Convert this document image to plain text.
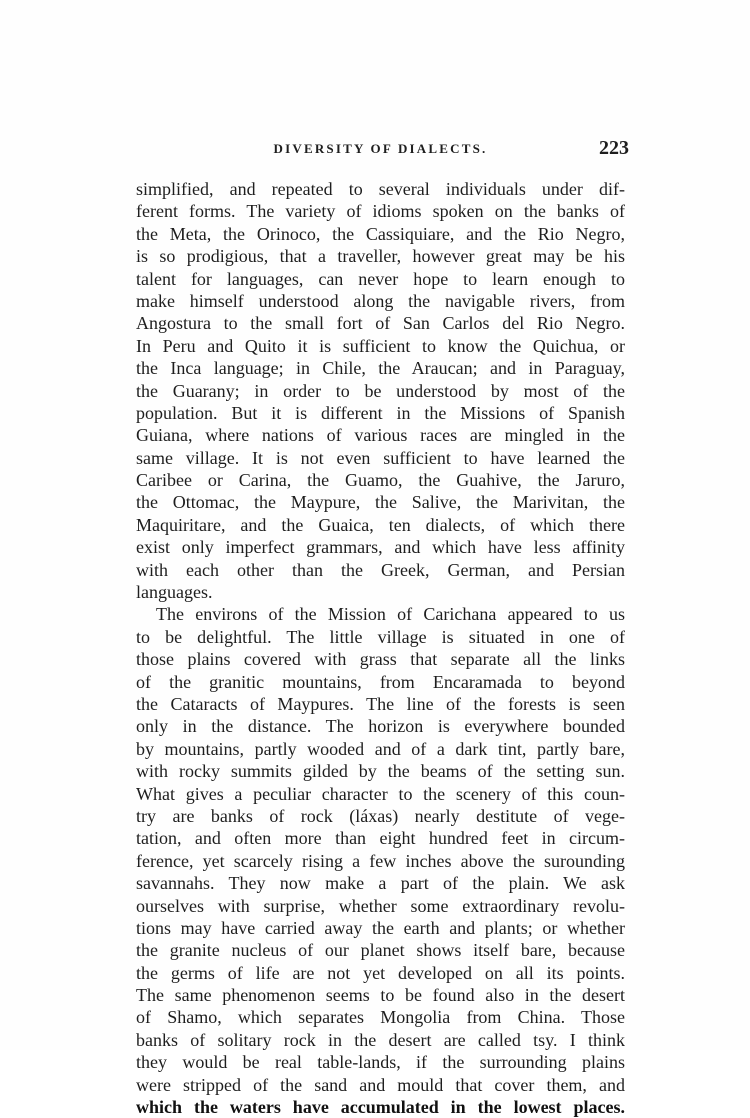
DIVERSITY OF DIALECTS.	223
simplified, and repeated to several individuals under dif-
ferent forms. The variety of idioms spoken on the banks of
the Meta, the Orinoco, the Cassiquiare, and the Rio Negro,
is so prodigious, that a traveller, however great may be his
talent for languages, can never hope to learn enough to
make himself understood along the navigable rivers, from
Angostura to the small fort of San Carlos del Rio Negro.
In Peru and Quito it is sufficient to know the Quichua, or
the Inca language; in Chile, the Araucan; and in Paraguay,
the Guarany; in order to be understood by most of the
population. But it is different in the Missions of Spanish
Guiana, where nations of various races are mingled in the
same village. It is not even sufficient to have learned the
Caribee or Carina, the Guamo, the Guahive, the Jaruro,
the Ottomac, the Maypure, the Salive, the Marivitan, the
Maquiritare, and the Guaica, ten dialects, of which there
exist only imperfect grammars, and which have less affinity
with each other than the Greek, German, and Persian
languages.
The environs of the Mission of Carichana appeared to us
to be delightful. The little village is situated in one of
those plains covered with grass that separate all the links
of the granitic mountains, from Encaramada to beyond
the Cataracts of Maypures. The line of the forests is seen
only in the distance. The horizon is everywhere bounded
by mountains, partly wooded and of a dark tint, partly bare,
with rocky summits gilded by the beams of the setting sun.
What gives a peculiar character to the scenery of this coun-
try are banks of rock (láxas) nearly destitute of vege-
tation, and often more than eight hundred feet in circum-
ference, yet scarcely rising a few inches above the surounding
savannahs. They now make a part of the plain. We ask
ourselves with surprise, whether some extraordinary revolu-
tions may have carried away the earth and plants; or whether
the granite nucleus of our planet shows itself bare, because
the germs of life are not yet developed on all its points.
The same phenomenon seems to be found also in the desert
of Shamo, which separates Mongolia from China. Those
banks of solitary rock in the desert are called tsy. I think
they would be real table-lands, if the surrounding plains
were stripped of the sand and mould that cover them, and
which the waters have accumulated in the lowest places.
